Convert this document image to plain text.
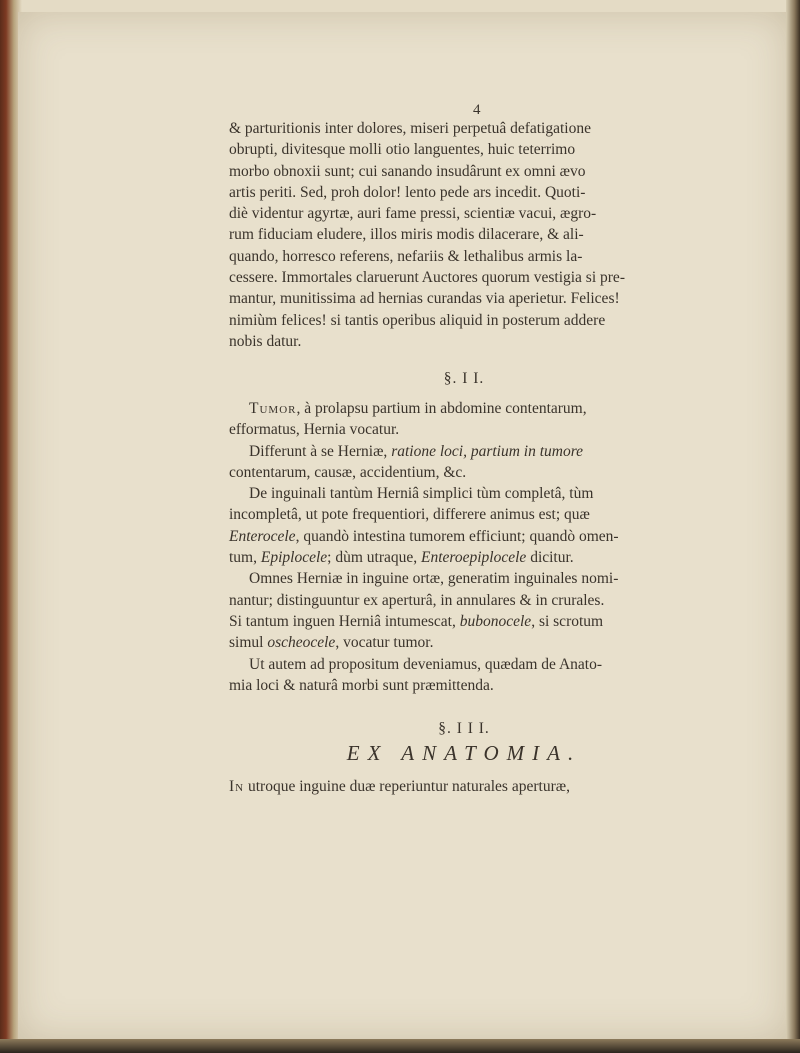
4
& parturitionis inter dolores, miseri perpetuâ defatigatione
obrupti, divitesque molli otio languentes, huic teterrimo
morbo obnoxii sunt; cui sanando insudârunt ex omni ævo
artis periti. Sed, proh dolor! lento pede ars incedit. Quoti-
diè videntur agyrtæ, auri fame pressi, scientiæ vacui, ægro-
rum fiduciam eludere, illos miris modis dilacerare, & ali-
quando, horresco referens, nefariis & lethalibus armis la-
cessere. Immortales claruerunt Auctores quorum vestigia si pre-
mantur, munitissima ad hernias curandas via aperietur. Felices!
nimiùm felices! si tantis operibus aliquid in posterum addere
nobis datur.
§. I I.
Tumor, à prolapsu partium in abdomine contentarum,
efformatus, Hernia vocatur.
Differunt à se Herniæ, ratione loci, partium in tumore
contentarum, causæ, accidentium, &c.
De inguinali tantùm Herniâ simplici tùm completâ, tùm
incompletâ, ut pote frequentiori, differere animus est; quæ
Enterocele, quandò intestina tumorem efficiunt; quandò omen-
tum, Epiplocele; dùm utraque, Enteroepiplocele dicitur.
Omnes Herniæ in inguine ortæ, generatim inguinales nomi-
nantur; distinguuntur ex aperturâ, in annulares & in crurales.
Si tantum inguen Herniâ intumescat, bubonocele, si scrotum
simul oscheocele, vocatur tumor.
Ut autem ad propositum deveniamus, quædam de Anato-
mia loci & naturâ morbi sunt præmittenda.
§. I I I.
EX ANATOMIA.
In utroque inguine duæ reperiuntur naturales aperturæ,
